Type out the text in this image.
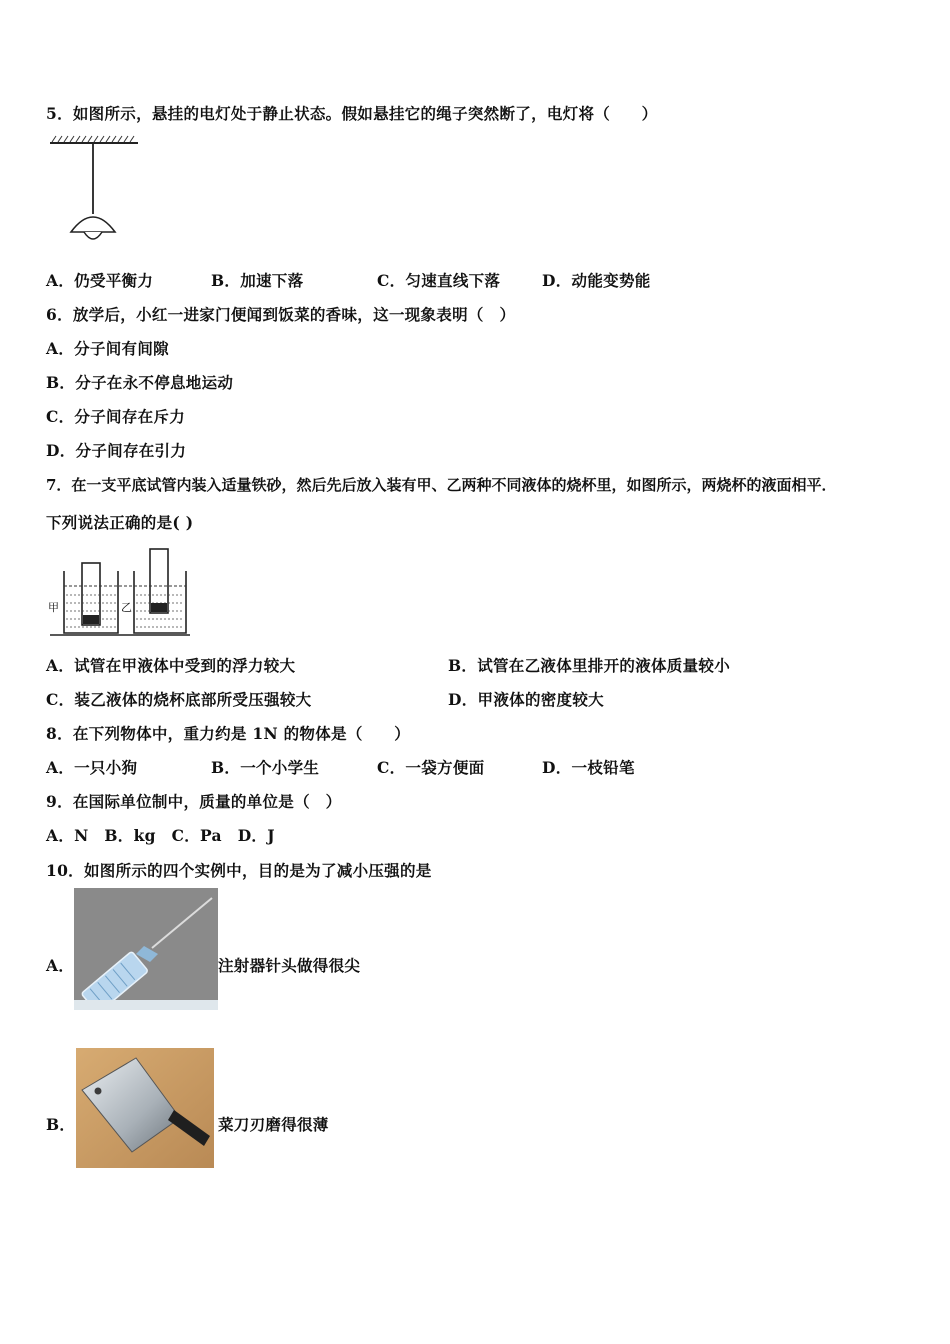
5．如图所示，悬挂的电灯处于静止状态。假如悬挂它的绳子突然断了，电灯将（　　）
A．仍受平衡力	B．加速下落	C．匀速直线下落	D．动能变势能
6．放学后，小红一进家门便闻到饭菜的香味，这一现象表明（　）
A．分子间有间隙
B．分子在永不停息地运动
C．分子间存在斥力
D．分子间存在引力
7．在一支平底试管内装入适量铁砂，然后先后放入装有甲、乙两种不同液体的烧杯里，如图所示，两烧杯的液面相平．
下列说法正确的是( )
甲	乙
A．试管在甲液体中受到的浮力较大	B．试管在乙液体里排开的液体质量较小
C．装乙液体的烧杯底部所受压强较大	D．甲液体的密度较大
8．在下列物体中，重力约是 1N 的物体是（　　）
A．一只小狗	B．一个小学生	C．一袋方便面	D．一枝铅笔
9．在国际单位制中，质量的单位是（　）
A．N　B．kg　C．Pa　D．J
10．如图所示的四个实例中，目的是为了减小压强的是
A．	注射器针头做得很尖
B．	菜刀刃磨得很薄
